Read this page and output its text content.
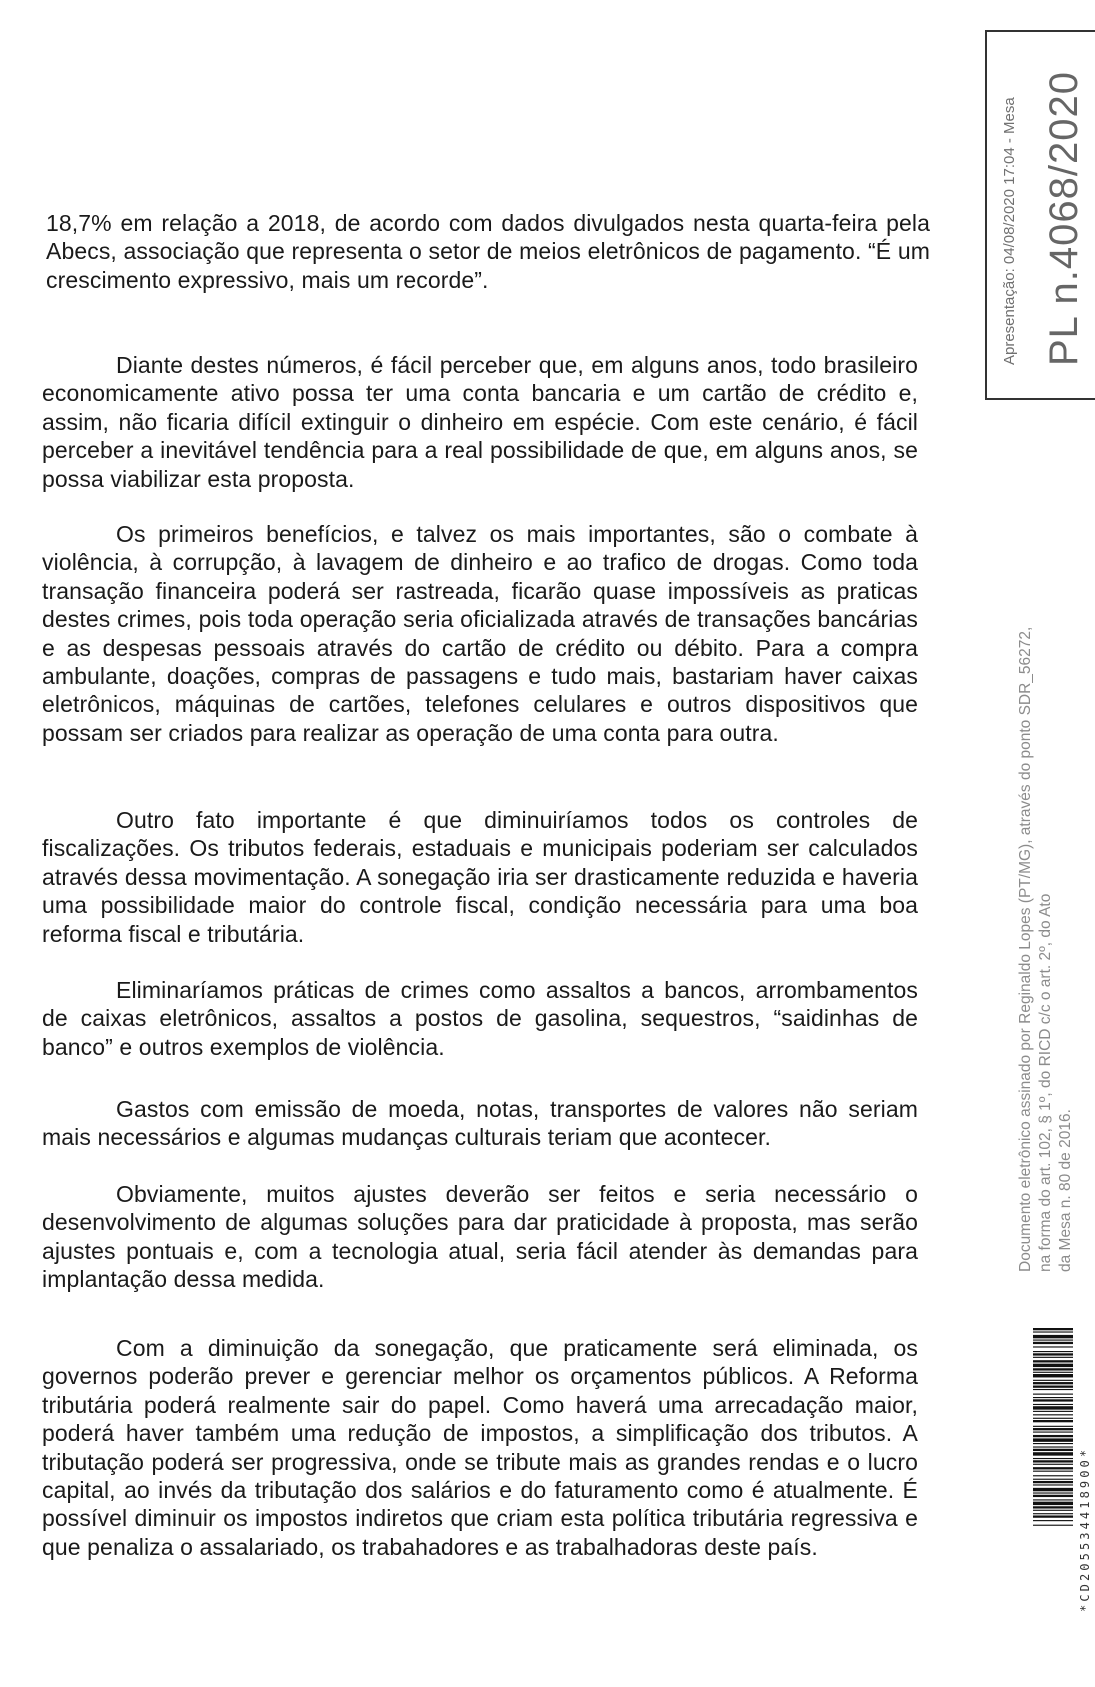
18,7% em relação a 2018, de acordo com dados divulgados nesta quarta-feira pela Abecs, associação que representa o setor de meios eletrônicos de pagamento. “É um crescimento expressivo, mais um recorde”.

Diante destes números, é fácil perceber que, em alguns anos, todo brasileiro economicamente ativo possa ter uma conta bancaria e um cartão de crédito e, assim, não ficaria difícil extinguir o dinheiro em espécie. Com este cenário, é fácil perceber a inevitável tendência para a real possibilidade de que, em alguns anos, se possa viabilizar esta proposta.

Os primeiros benefícios, e talvez os mais importantes, são o combate à violência, à corrupção, à lavagem de dinheiro e ao trafico de drogas. Como toda transação financeira poderá ser rastreada, ficarão quase impossíveis as praticas destes crimes, pois toda operação seria oficializada através de transações bancárias e as despesas pessoais através do cartão de crédito ou débito. Para a compra ambulante, doações, compras de passagens e tudo mais, bastariam haver caixas eletrônicos, máquinas de cartões, telefones celulares e outros dispositivos que possam ser criados para realizar as operação de uma conta para outra.

Outro fato importante é que diminuiríamos todos os controles de fiscalizações. Os tributos federais, estaduais e municipais poderiam ser calculados através dessa movimentação. A sonegação iria ser drasticamente reduzida e haveria uma possibilidade maior do controle fiscal, condição necessária para uma boa reforma fiscal e tributária.

Eliminaríamos práticas de crimes como assaltos a bancos, arrombamentos de caixas eletrônicos, assaltos a postos de gasolina, sequestros, “saidinhas de banco” e outros exemplos de violência.

Gastos com emissão de moeda, notas, transportes de valores não seriam mais necessários e algumas mudanças culturais teriam que acontecer.

Obviamente, muitos ajustes deverão ser feitos e seria necessário o desenvolvimento de algumas soluções para dar praticidade à proposta, mas serão ajustes pontuais e, com a tecnologia atual, seria fácil atender às demandas para implantação dessa medida.

Com a diminuição da sonegação, que praticamente será eliminada, os governos poderão prever e gerenciar melhor os orçamentos públicos. A Reforma tributária poderá realmente sair do papel. Como haverá uma arrecadação maior, poderá haver também uma redução de impostos, a simplificação dos tributos. A tributação poderá ser progressiva, onde se tribute mais as grandes rendas e o lucro capital, ao invés da tributação dos salários e do faturamento como é atualmente. É possível diminuir os impostos indiretos que criam esta política tributária regressiva e que penaliza o assalariado, os trabahadores e as trabalhadoras deste país.

Apresentação: 04/08/2020 17:04 - Mesa PL n.4068/2020
Documento eletrônico assinado por Reginaldo Lopes (PT/MG), através do ponto SDR_56272, na forma do art. 102, § 1º, do RICD c/c o art. 2º, do Ato da Mesa n. 80 de 2016.
*CD205534418900*
